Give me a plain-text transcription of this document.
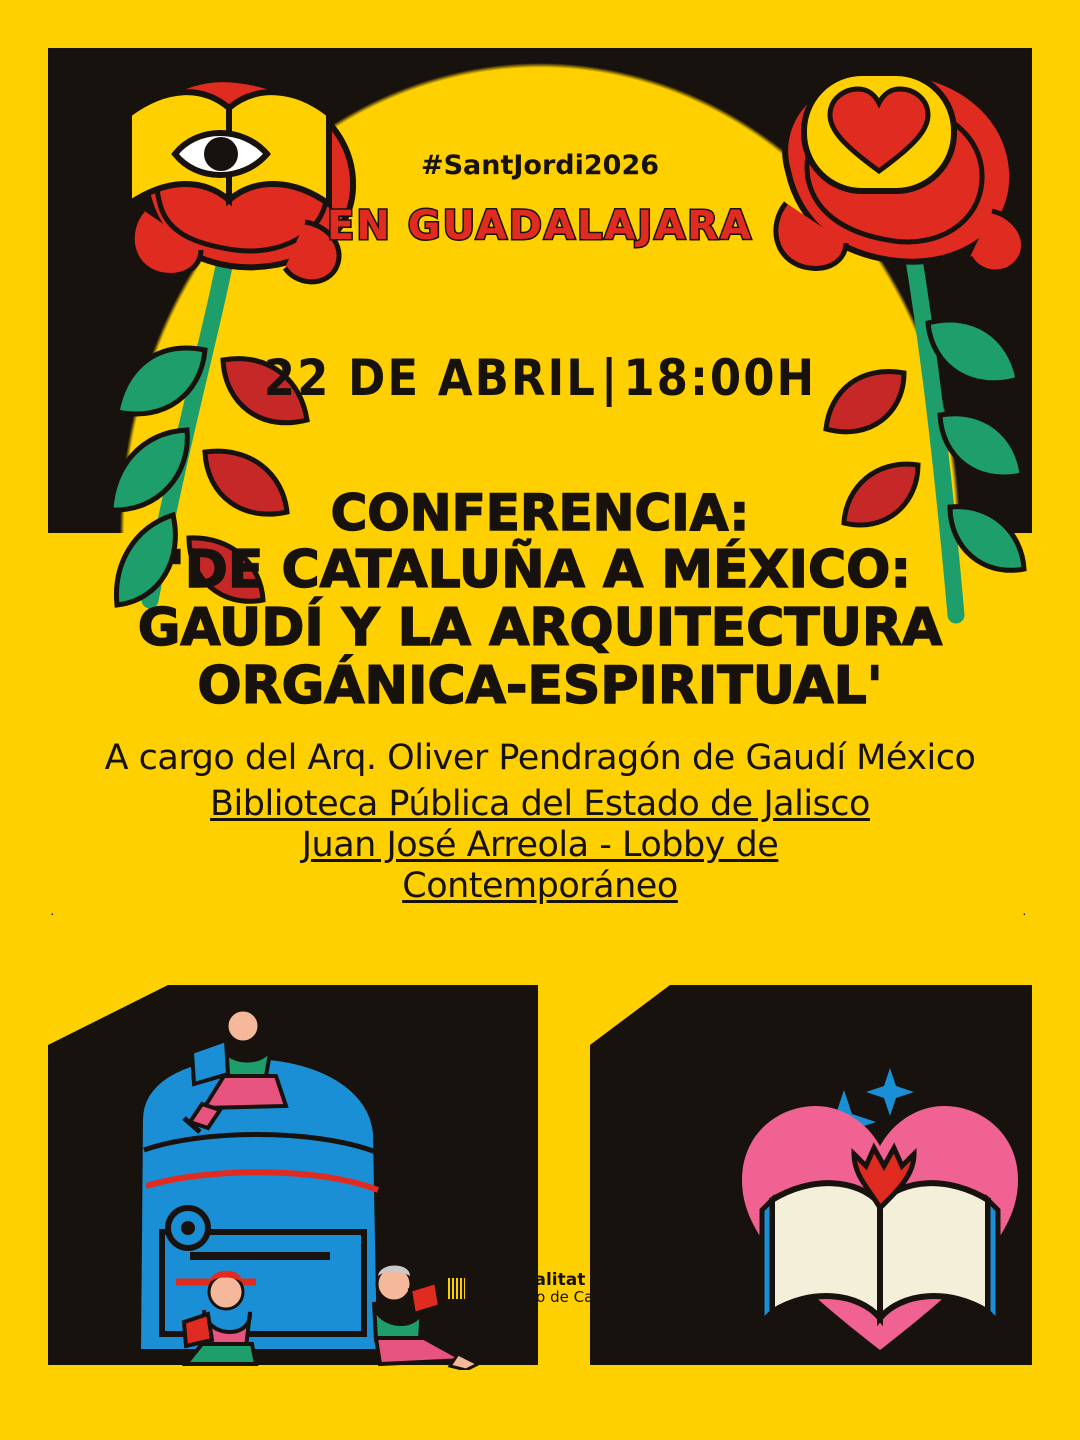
#SantJordi2026
EN GUADALAJARA
22 DE ABRIL|18:00H
CONFERENCIA:
'DE CATALUÑA A MÉXICO:
GAUDÍ Y LA ARQUITECTURA
ORGÁNICA-ESPIRITUAL'
A cargo del Arq. Oliver Pendragón de Gaudí México
Biblioteca Pública del Estado de Jalisco
Juan José Arreola - Lobby de
Contemporáneo
·	·
Generalitat de Catalunya
Gobierno de Cataluña
